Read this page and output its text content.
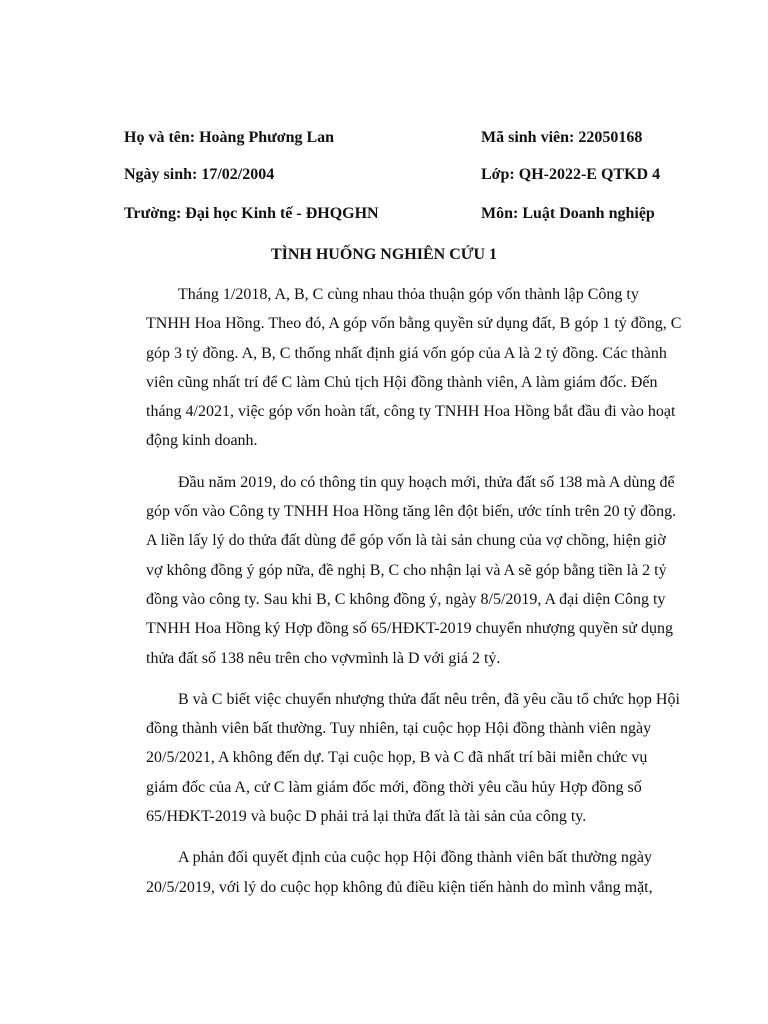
Họ và tên: Hoàng Phương Lan	Mã sinh viên: 22050168
Ngày sinh: 17/02/2004	Lớp: QH-2022-E QTKD 4
Trường: Đại học Kinh tế - ĐHQGHN	Môn: Luật Doanh nghiệp
TÌNH HUỐNG NGHIÊN CỨU 1

Tháng 1/2018, A, B, C cùng nhau thỏa thuận góp vốn thành lập Công ty
TNHH Hoa Hồng. Theo đó, A góp vốn bằng quyền sử dụng đất, B góp 1 tỷ đồng, C
góp 3 tỷ đồng. A, B, C thống nhất định giá vốn góp của A là 2 tỷ đồng. Các thành
viên cũng nhất trí để C làm Chủ tịch Hội đồng thành viên, A làm giám đốc. Đến
tháng 4/2021, việc góp vốn hoàn tất, công ty TNHH Hoa Hồng bắt đầu đi vào hoạt
động kinh doanh.

Đầu năm 2019, do có thông tin quy hoạch mới, thửa đất số 138 mà A dùng để
góp vốn vào Công ty TNHH Hoa Hồng tăng lên đột biến, ước tính trên 20 tỷ đồng.
A liền lấy lý do thửa đất dùng để góp vốn là tài sản chung của vợ chồng, hiện giờ
vợ không đồng ý góp nữa, đề nghị B, C cho nhận lại và A sẽ góp bằng tiền là 2 tỷ
đồng vào công ty. Sau khi B, C không đồng ý, ngày 8/5/2019, A đại diện Công ty
TNHH Hoa Hồng ký Hợp đồng số 65/HĐKT-2019 chuyển nhượng quyền sử dụng
thửa đất số 138 nêu trên cho vợvmình là D với giá 2 tỷ.

B và C biết việc chuyển nhượng thửa đất nêu trên, đã yêu cầu tổ chức họp Hội
đồng thành viên bất thường. Tuy nhiên, tại cuộc họp Hội đồng thành viên ngày
20/5/2021, A không đến dự. Tại cuộc họp, B và C đã nhất trí bãi miễn chức vụ
giám đốc của A, cử C làm giám đốc mới, đồng thời yêu cầu hủy Hợp đồng số
65/HĐKT-2019 và buộc D phải trả lại thửa đất là tài sản của công ty.

A phản đối quyết định của cuộc họp Hội đồng thành viên bất thường ngày
20/5/2019, với lý do cuộc họp không đủ điều kiện tiến hành do mình vắng mặt,
